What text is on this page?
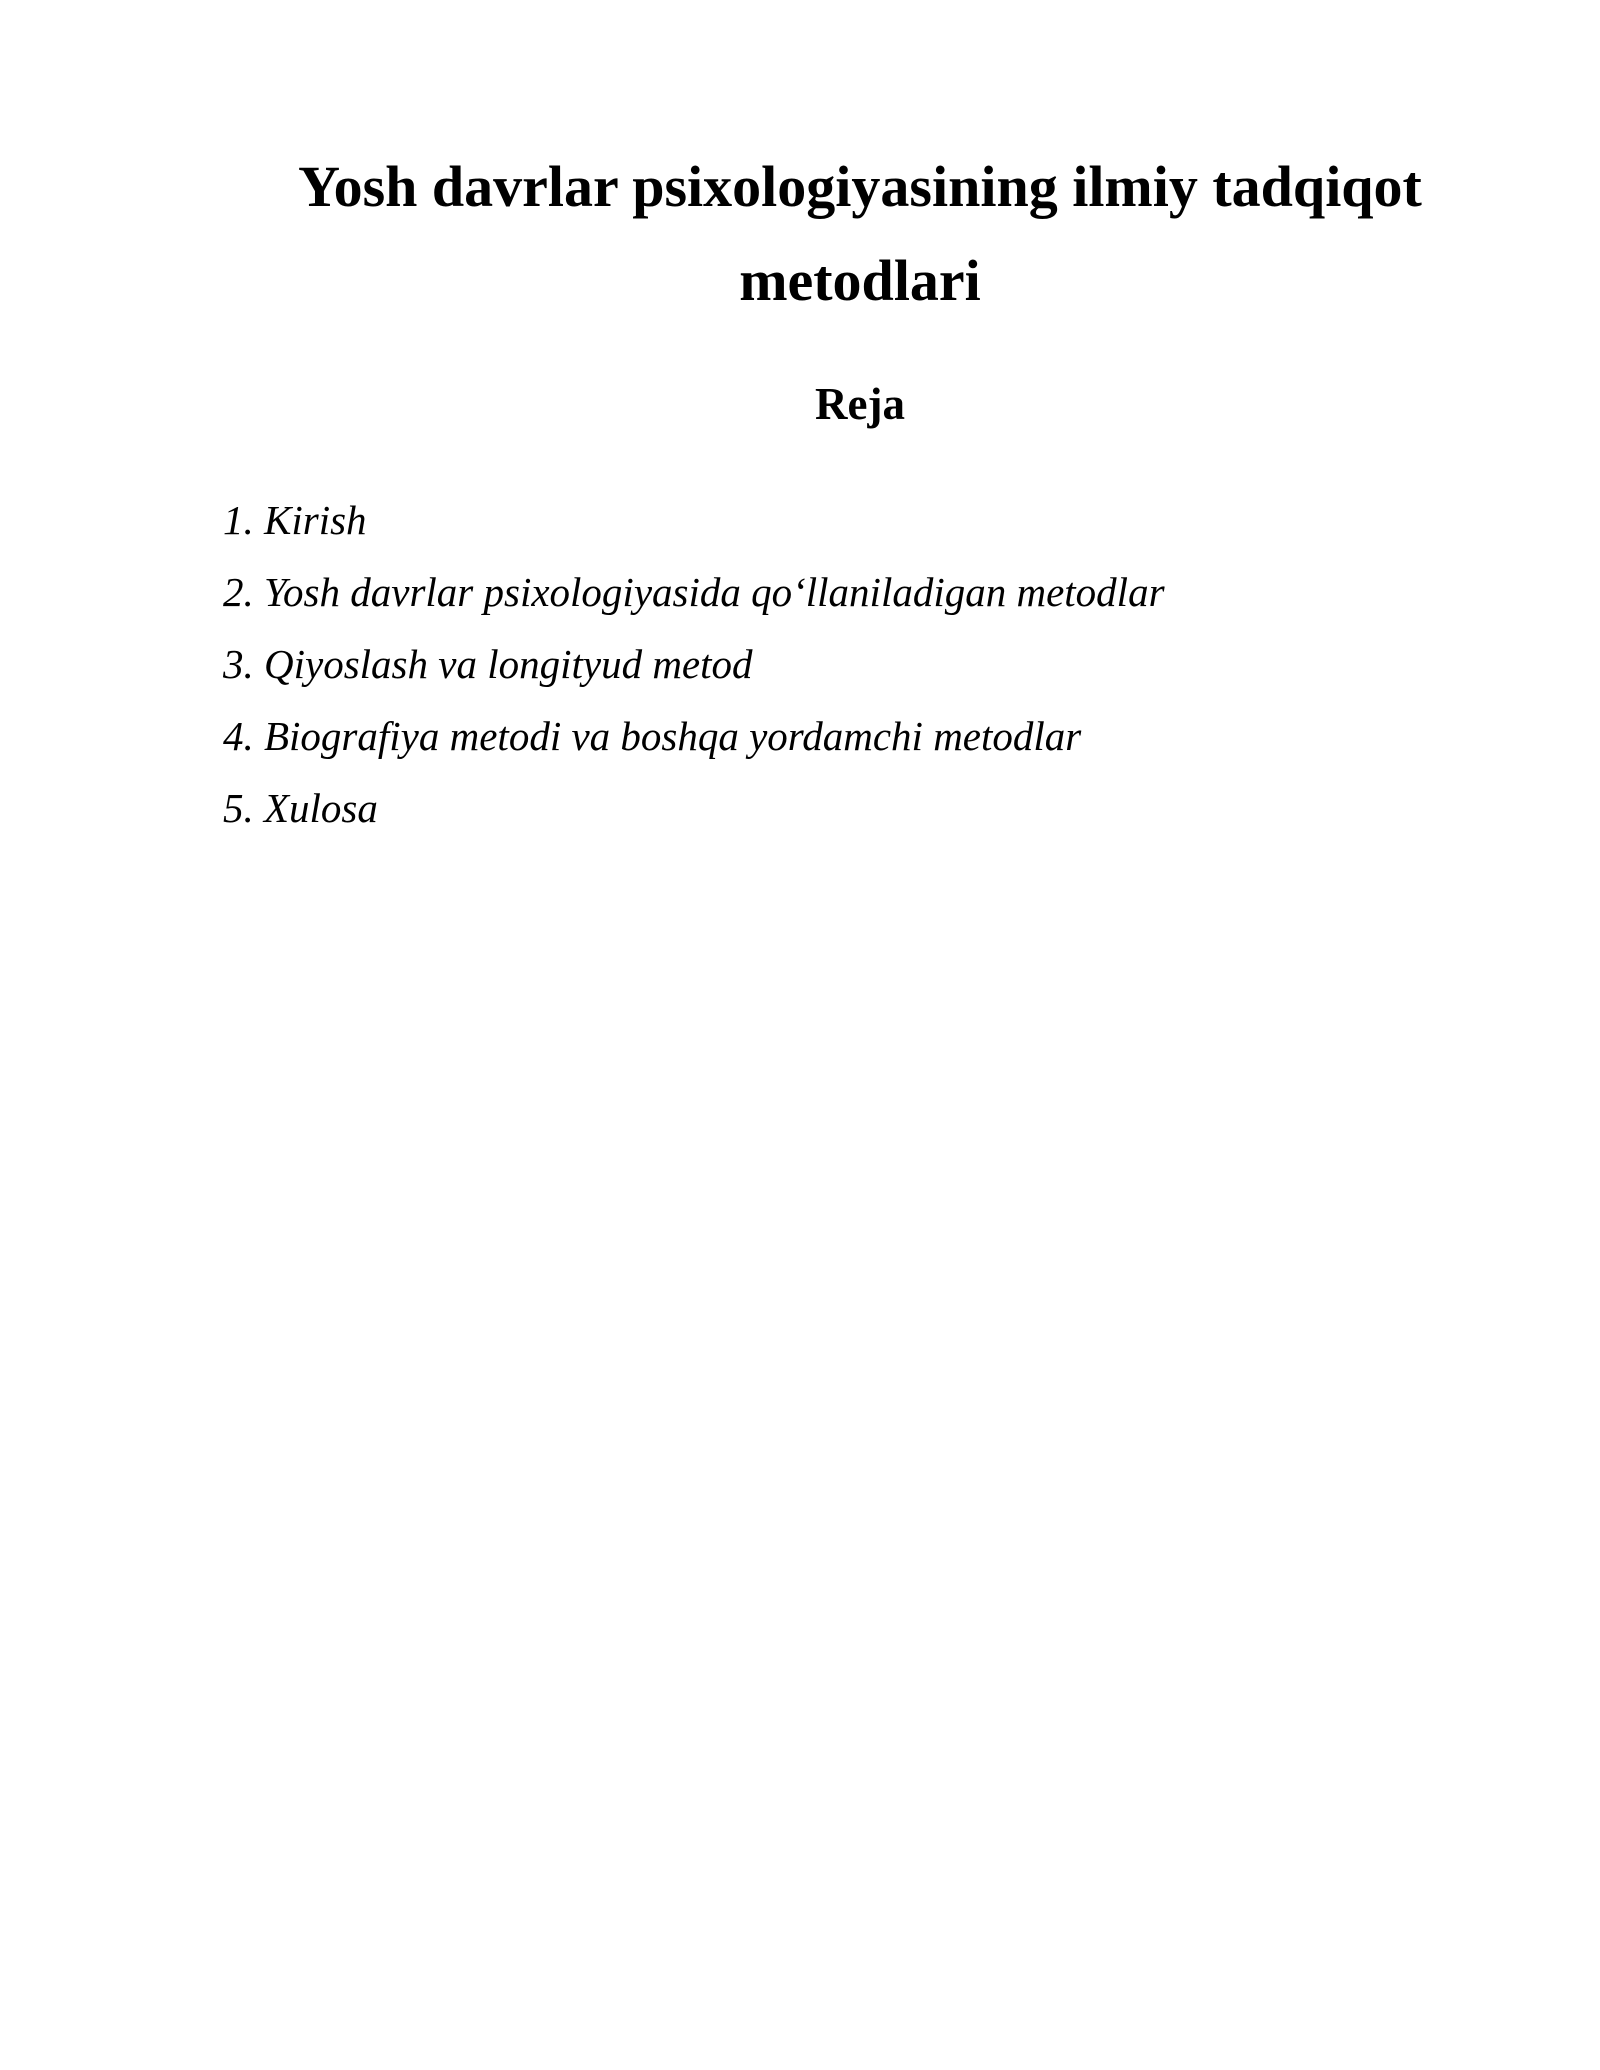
Yosh davrlar psixologiyasining ilmiy tadqiqot metodlari
Reja
1. Kirish
2. Yosh davrlar psixologiyasida qo‘llaniladigan metodlar
3. Qiyoslash va longityud metod
4. Biografiya metodi va boshqa yordamchi metodlar
5. Xulosa
